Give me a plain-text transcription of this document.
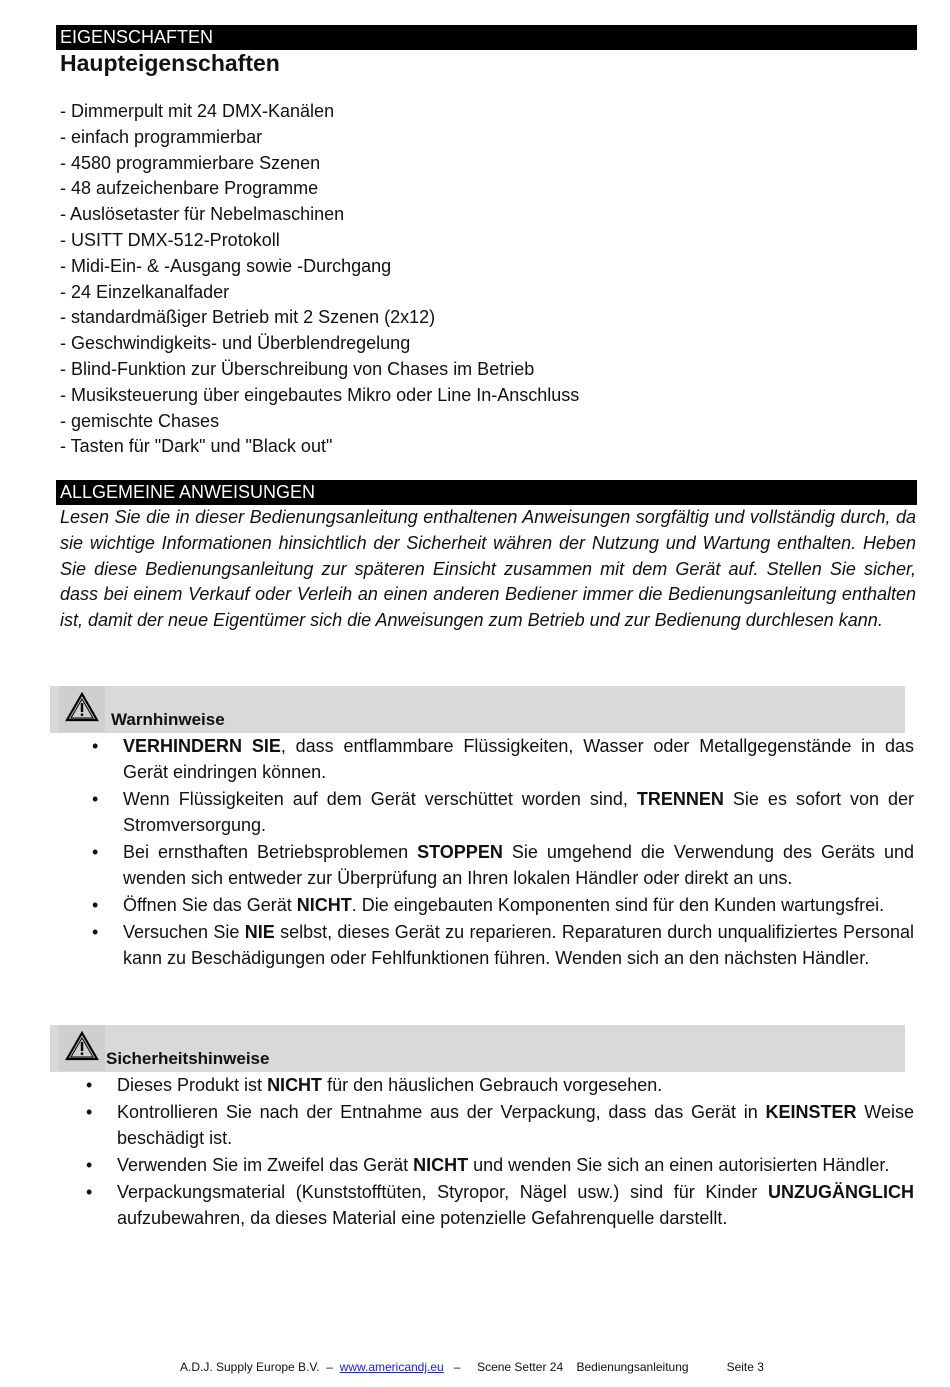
EIGENSCHAFTEN
Haupteigenschaften
- Dimmerpult mit 24 DMX-Kanälen
- einfach programmierbar
- 4580 programmierbare Szenen
- 48 aufzeichenbare Programme
- Auslösetaster für Nebelmaschinen
- USITT DMX-512-Protokoll
- Midi-Ein- & -Ausgang sowie -Durchgang
- 24 Einzelkanalfader
- standardmäßiger Betrieb mit 2 Szenen (2x12)
- Geschwindigkeits- und Überblendregelung
- Blind-Funktion zur Überschreibung von Chases im Betrieb
- Musiksteuerung über eingebautes Mikro oder Line In-Anschluss
- gemischte Chases
- Tasten für "Dark" und "Black out"
ALLGEMEINE ANWEISUNGEN

Lesen Sie die in dieser Bedienungsanleitung enthaltenen Anweisungen sorgfältig und vollständig durch, da sie wichtige Informationen hinsichtlich der Sicherheit währen der Nutzung und Wartung enthalten. Heben Sie diese Bedienungsanleitung zur späteren Einsicht zusammen mit dem Gerät auf. Stellen Sie sicher, dass bei einem Verkauf oder Verleih an einen anderen Bediener immer die Bedienungsanleitung enthalten ist, damit der neue Eigentümer sich die Anweisungen zum Betrieb und zur Bedienung durchlesen kann.

Warnhinweise
• VERHINDERN SIE, dass entflammbare Flüssigkeiten, Wasser oder Metallgegenstände in das Gerät eindringen können.
• Wenn Flüssigkeiten auf dem Gerät verschüttet worden sind, TRENNEN Sie es sofort von der Stromversorgung.
• Bei ernsthaften Betriebsproblemen STOPPEN Sie umgehend die Verwendung des Geräts und wenden sich entweder zur Überprüfung an Ihren lokalen Händler oder direkt an uns.
• Öffnen Sie das Gerät NICHT. Die eingebauten Komponenten sind für den Kunden wartungsfrei.
• Versuchen Sie NIE selbst, dieses Gerät zu reparieren. Reparaturen durch unqualifiziertes Personal kann zu Beschädigungen oder Fehlfunktionen führen. Wenden sich an den nächsten Händler.
Sicherheitshinweise
• Dieses Produkt ist NICHT für den häuslichen Gebrauch vorgesehen.
• Kontrollieren Sie nach der Entnahme aus der Verpackung, dass das Gerät in KEINSTER Weise beschädigt ist.
• Verwenden Sie im Zweifel das Gerät NICHT und wenden Sie sich an einen autorisierten Händler.
• Verpackungsmaterial (Kunststofftüten, Styropor, Nägel usw.) sind für Kinder UNZUGÄNGLICH aufzubewahren, da dieses Material eine potenzielle Gefahrenquelle darstellt.
A.D.J. Supply Europe B.V.  –  www.americandj.eu   –     Scene Setter 24    Bedienungsanleitung	Seite 3
